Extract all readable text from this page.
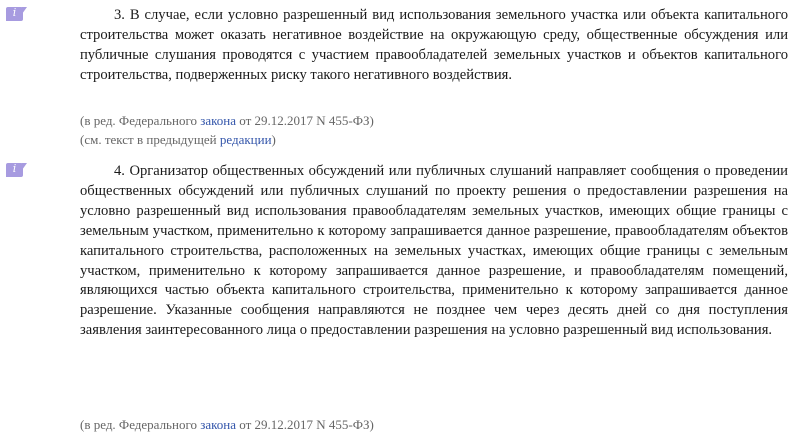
i	3. В случае, если условно разрешенный вид использования земельного участка или объекта капитального строительства может оказать негативное воздействие на окружающую среду, общественные обсуждения или публичные слушания проводятся с участием правообладателей земельных участков и объектов капитального строительства, подверженных риску такого негативного воздействия.

(в ред. Федерального закона от 29.12.2017 N 455-ФЗ)

(см. текст в предыдущей редакции)

i	4. Организатор общественных обсуждений или публичных слушаний направляет сообщения о проведении общественных обсуждений или публичных слушаний по проекту решения о предоставлении разрешения на условно разрешенный вид использования правообладателям земельных участков, имеющих общие границы с земельным участком, применительно к которому запрашивается данное разрешение, правообладателям объектов капитального строительства, расположенных на земельных участках, имеющих общие границы с земельным участком, применительно к которому запрашивается данное разрешение, и правообладателям помещений, являющихся частью объекта капитального строительства, применительно к которому запрашивается данное разрешение. Указанные сообщения направляются не позднее чем через десять дней со дня поступления заявления заинтересованного лица о предоставлении разрешения на условно разрешенный вид использования.

(в ред. Федерального закона от 29.12.2017 N 455-ФЗ)
